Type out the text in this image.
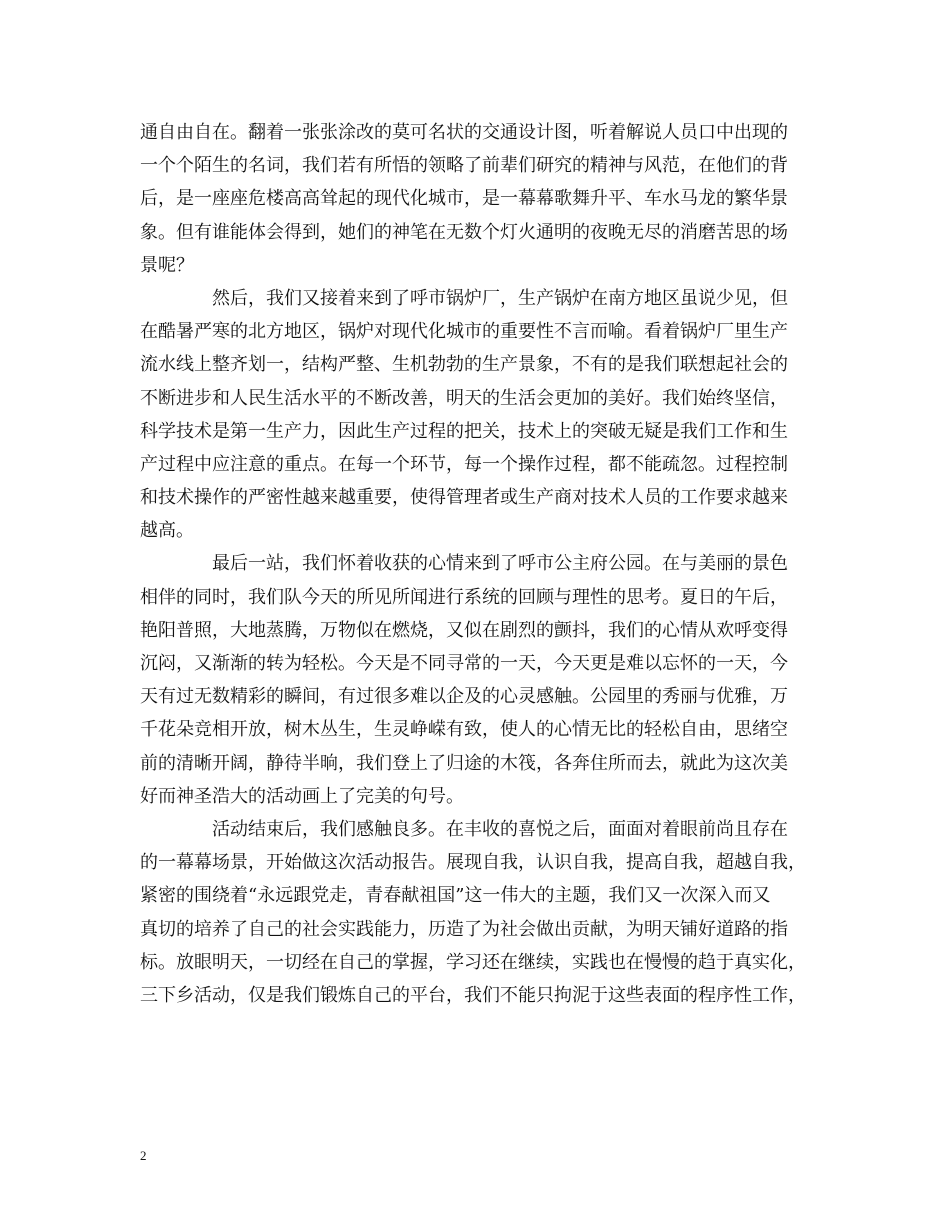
通自由自在。翻着一张张涂改的莫可名状的交通设计图，听着解说人员口中出现的
一个个陌生的名词，我们若有所悟的领略了前辈们研究的精神与风范，在他们的背
后，是一座座危楼高高耸起的现代化城市，是一幕幕歌舞升平、车水马龙的繁华景
象。但有谁能体会得到，她们的神笔在无数个灯火通明的夜晚无尽的消磨苦思的场
景呢？
然后，我们又接着来到了呼市锅炉厂，生产锅炉在南方地区虽说少见，但
在酷暑严寒的北方地区，锅炉对现代化城市的重要性不言而喻。看着锅炉厂里生产
流水线上整齐划一，结构严整、生机勃勃的生产景象，不有的是我们联想起社会的
不断进步和人民生活水平的不断改善，明天的生活会更加的美好。我们始终坚信，
科学技术是第一生产力，因此生产过程的把关，技术上的突破无疑是我们工作和生
产过程中应注意的重点。在每一个环节，每一个操作过程，都不能疏忽。过程控制
和技术操作的严密性越来越重要，使得管理者或生产商对技术人员的工作要求越来
越高。
最后一站，我们怀着收获的心情来到了呼市公主府公园。在与美丽的景色
相伴的同时，我们队今天的所见所闻进行系统的回顾与理性的思考。夏日的午后，
艳阳普照，大地蒸腾，万物似在燃烧，又似在剧烈的颤抖，我们的心情从欢呼变得
沉闷，又渐渐的转为轻松。今天是不同寻常的一天，今天更是难以忘怀的一天，今
天有过无数精彩的瞬间，有过很多难以企及的心灵感触。公园里的秀丽与优雅，万
千花朵竞相开放，树木丛生，生灵峥嵘有致，使人的心情无比的轻松自由，思绪空
前的清晰开阔，静待半晌，我们登上了归途的木筏，各奔住所而去，就此为这次美
好而神圣浩大的活动画上了完美的句号。
活动结束后，我们感触良多。在丰收的喜悦之后，面面对着眼前尚且存在
的一幕幕场景，开始做这次活动报告。展现自我，认识自我，提高自我，超越自我，
紧密的围绕着“永远跟党走，青春献祖国”这一伟大的主题，我们又一次深入而又
真切的培养了自己的社会实践能力，历造了为社会做出贡献，为明天铺好道路的指
标。放眼明天，一切经在自己的掌握，学习还在继续，实践也在慢慢的趋于真实化，
三下乡活动，仅是我们锻炼自己的平台，我们不能只拘泥于这些表面的程序性工作，
2
